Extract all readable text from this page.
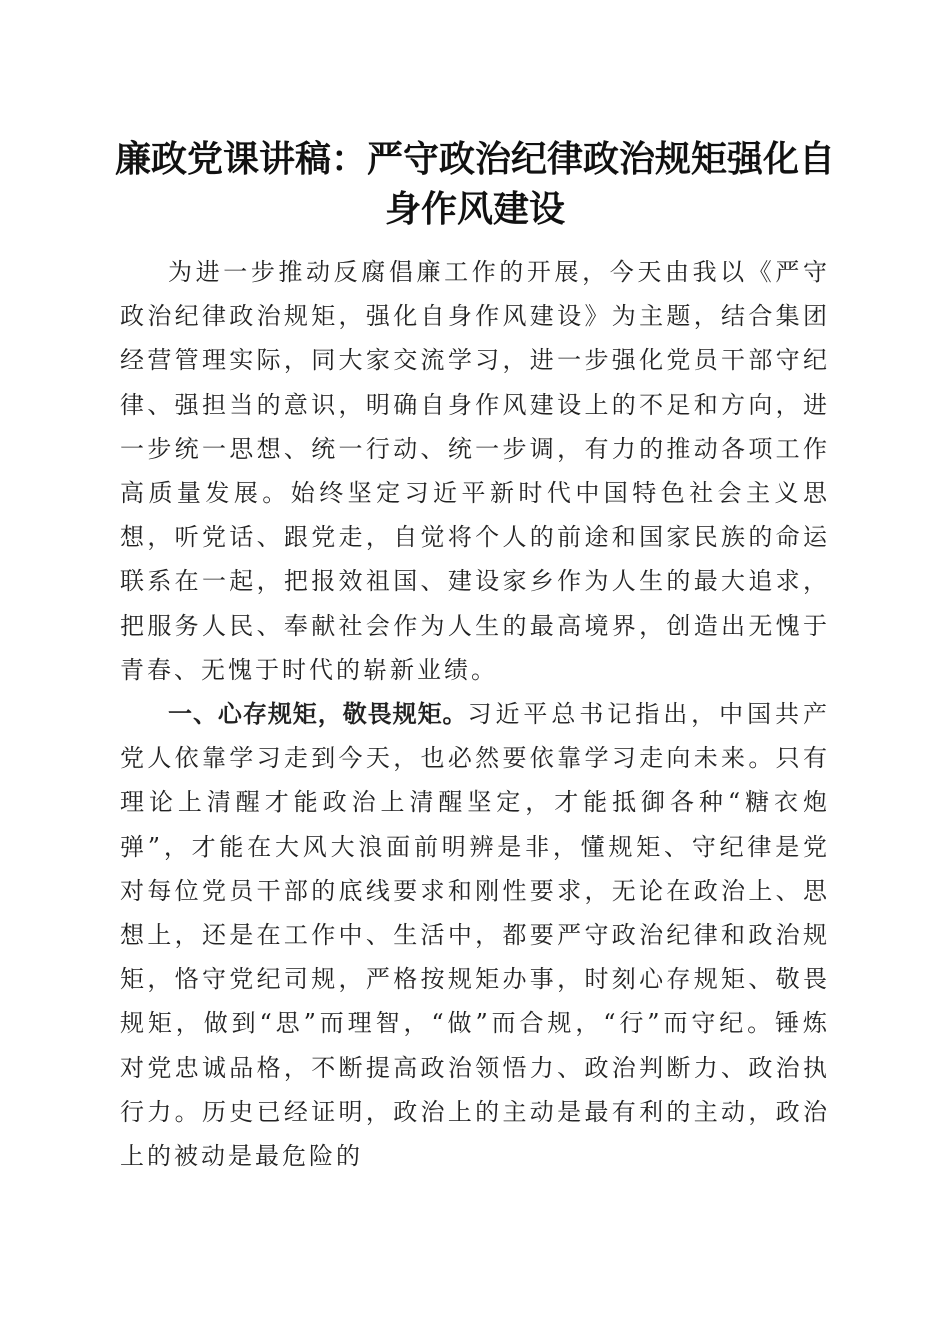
廉政党课讲稿：严守政治纪律政治规矩强化自身作风建设

为进一步推动反腐倡廉工作的开展，今天由我以《严守政治纪律政治规矩，强化自身作风建设》为主题，结合集团经营管理实际，同大家交流学习，进一步强化党员干部守纪律、强担当的意识，明确自身作风建设上的不足和方向，进一步统一思想、统一行动、统一步调，有力的推动各项工作高质量发展。始终坚定习近平新时代中国特色社会主义思想，听党话、跟党走，自觉将个人的前途和国家民族的命运联系在一起，把报效祖国、建设家乡作为人生的最大追求，把服务人民、奉献社会作为人生的最高境界，创造出无愧于青春、无愧于时代的崭新业绩。

一、心存规矩，敬畏规矩。习近平总书记指出，中国共产党人依靠学习走到今天，也必然要依靠学习走向未来。只有理论上清醒才能政治上清醒坚定，才能抵御各种“糖衣炮弹”，才能在大风大浪面前明辨是非，懂规矩、守纪律是党对每位党员干部的底线要求和刚性要求，无论在政治上、思想上，还是在工作中、生活中，都要严守政治纪律和政治规矩，恪守党纪司规，严格按规矩办事，时刻心存规矩、敬畏规矩，做到“思”而理智，“做”而合规，“行”而守纪。锤炼对党忠诚品格，不断提高政治领悟力、政治判断力、政治执行力。历史已经证明，政治上的主动是最有利的主动，政治上的被动是最危险的
